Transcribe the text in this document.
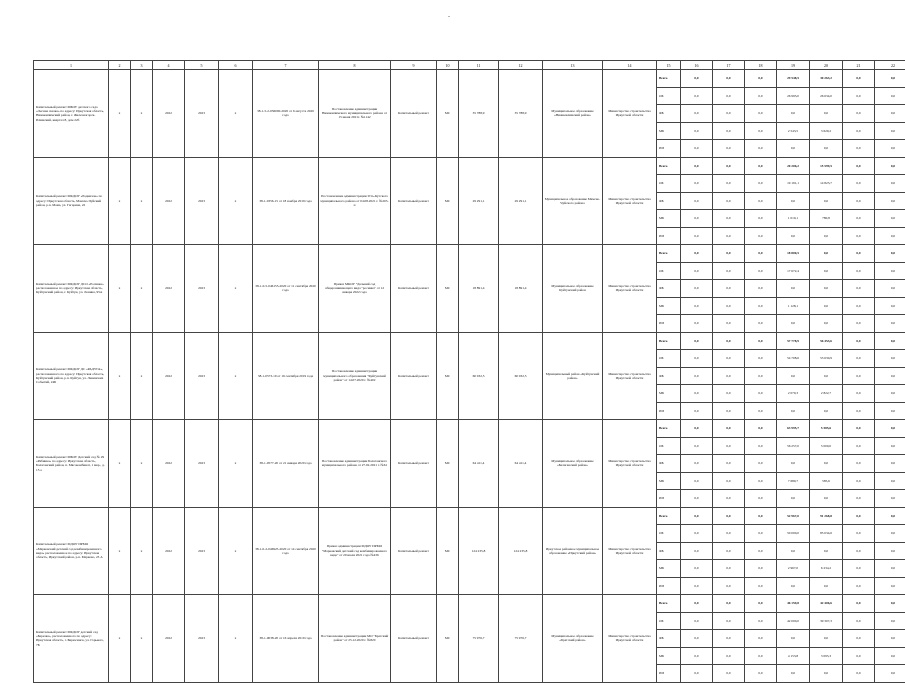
-
1	2	3	4	5	6	7	8	9	10	11	12	13	14	15	16	17	18	19	20	21	22
Капитальный ремонт МБОУ детского сада «Лесная сказка» по адресу: Иркутская область, Нижнеилимский район, г. Железногорск-Илимский, квартал 8, дом 22б	х	х	2022	2023	х	38-1-5-2-036000-2020 от 6 августа 2020 года	Постановление администрации Нижнеилимского муниципального района от 15 июня 2021г. №1142	Капитальный ремонт	МС	35 788,9	35 788,9	Муниципальное образование «Нижнеилимский район»	Министерство строительства Иркутской области	Всего	0,0	0,0	0,0	29 548,5	30 263,2	0,0	0,0
														ОБ	0,0	0,0	0,0	26 993,0	26 634,0	0,0	0,0
														ФБ	0,0	0,0	0,0	0,0	0,0	0,0	0,0
														МБ	0,0	0,0	0,0	2 543,5	3 629,2	0,0	0,0
														ИИ	0,0	0,0	0,0	0,0	0,0	0,0	0,0
Капитальный ремонт МКДОУ «Родничок» по адресу: Иркутская область, Мамско-Чуйский район, р.п. Мама, ул. Гагарина, 22	х	х	2022	2023	х	38-1-0356-15 от 18 ноября 2019 года	Постановление администрации Усть-Кутского муниципального района от 04.08.2021 г. №203-п	Капитальный ремонт	МС	29 291,1	29 291,1	Муниципальное образование Мамско-Чуйского района	Министерство строительства Иркутской области	Всего	0,0	0,0	0,0	20 206,2	15 599,5	0,0	0,0
														ОБ	0,0	0,0	0,0	19 191,1	14 823,7	0,0	0,0
														ФБ	0,0	0,0	0,0	0,0	0,0	0,0	0,0
														МБ	0,0	0,0	0,0	1 010,1	780,8	0,0	0,0
														ИИ	0,0	0,0	0,0	0,0	0,0	0,0	0,0
Капитальный ремонт МКДОУ ДСО «Росинка» расположенное по адресу: Иркутская область, Куйтунский район, г. Куйтун, ул. Ленина, 95А	х	х	2022	2023	х	38-1-0-5-046155-2020 от 11 сентября 2020 года	Приказ МКОУ "Дальний сад общеразвивающего вида "росинка" от 12 января 2022 года	Капитальный ремонт	МС	18 891,4	18 891,4	Муниципальное образование Куйтунский район	Министерство строительства Иркутской области	Всего	0,0	0,0	0,0	18 800,5	0,0	0,0	0,0
														ОБ	0,0	0,0	0,0	17 672,4	0,0	0,0	0,0
														ФБ	0,0	0,0	0,0	0,0	0,0	0,0	0,0
														МБ	0,0	0,0	0,0	1 128,1	0,0	0,0	0,0
														ИИ	0,0	0,0	0,0	0,0	0,0	0,0	0,0
Капитальный ремонт МКДОУ ДС «РАДУГА», расположенного по адресу: Иркутская область, Куйтунский район, р.п. Куйтун, ул. Ленинских Событий, 24Б	х	х	2022	2023	х	38-1-0573-19 от 16 сентября 2019 года	Постановление администрации муниципального образования "Куйтунский район" от 14.07.2020 г. №402	Капитальный ремонт	МС	60 032,5	60 032,5	Муниципальный район «Куйтунский район»	Министерство строительства Иркутской области	Всего	0,0	0,0	0,0	57 778,9	56 453,6	0,0	0,0
														ОБ	0,0	0,0	0,0	54 708,6	53 630,9	0,0	0,0
														ФБ	0,0	0,0	0,0	0,0	0,0	0,0	0,0
														МБ	0,0	0,0	0,0	2 070,3	2 822,7	0,0	0,0
														ИИ	0,0	0,0	0,0	0,0	0,0	0,0	0,0
Капитальный ремонт МБОУ Детский сад № 29 «Рябинка» по адресу: Иркутская область, Балаганский район, п. Мясокомбинат, 1 мкр., д. 15 а	х	х	2022	2023	х	38-1-0577-20 от 21 января 2020 года	Постановление администрации Балаганского муниципального района от 27.02.2021 г. №61	Капитальный ремонт	МС	64 411,4	64 411,4	Муниципальное образование «Балаганский район»	Министерство строительства Иркутской области	Всего	0,0	0,0	0,0	63 995,7	5 585,6	0,0	0,0
														ОБ	0,0	0,0	0,0	56 257,0	5 000,0	0,0	0,0
														ФБ	0,0	0,0	0,0	0,0	0,0	0,0	0,0
														МБ	0,0	0,0	0,0	7 680,7	585,6	0,0	0,0
														ИИ	0,0	0,0	0,0	0,0	0,0	0,0	0,0
Капитальный ремонт МДОУ ИРМО «Марковский детский сад комбинированного вида» расположенное по адресу: Иркутская область, Иркутский район, р.п. Марково, 23 А	х	х	2022	2023	х	38-1-0-2-046925-2020 от 14 сентября 2020 года	Приказ администрации МДОУ ИРМО "Марковский детский сад комбинированного вида" от 29 июля 2021 года №436	Капитальный ремонт	МС	124 235,8	124 235,8	Иркутское районное муниципальное образование «Иркутский район»	Министерство строительства Иркутской области	Всего	0,0	0,0	0,0	52 967,0	91 268,8	0,0	0,0
														ОБ	0,0	0,0	0,0	50 000,0	85 034,6	0,0	0,0
														ФБ	0,0	0,0	0,0	0,0	0,0	0,0	0,0
														МБ	0,0	0,0	0,0	2 967,0	6 234,2	0,0	0,0
														ИИ	0,0	0,0	0,0	0,0	0,0	0,0	0,0
Капитальный ремонт МКДОУ детский сад «Березка», расположенного по адресу: Иркутская область, г. Бирюсинск, ул. Горького, 7Б	х	х	2022	2023	х	38-1-0038-20 от 16 апреля 2019 года	Постановление администрации МО "Братский район" от 25.12.2020 г. №820	Капитальный ремонт	МС	75 976,7	75 976,7	Муниципальное образование «Братский район»	Министерство строительства Иркутской области	Всего	0,0	0,0	0,0	46 159,8	42 406,6	0,0	0,0
														ОБ	0,0	0,0	0,0	42 000,0	39 307,3	0,0	0,0
														ФБ	0,0	0,0	0,0	0,0	0,0	0,0	0,0
														МБ	0,0	0,0	0,0	4 153,8	3 095,3	0,0	0,0
														ИИ	0,0	0,0	0,0	0,0	0,0	0,0	0,0
